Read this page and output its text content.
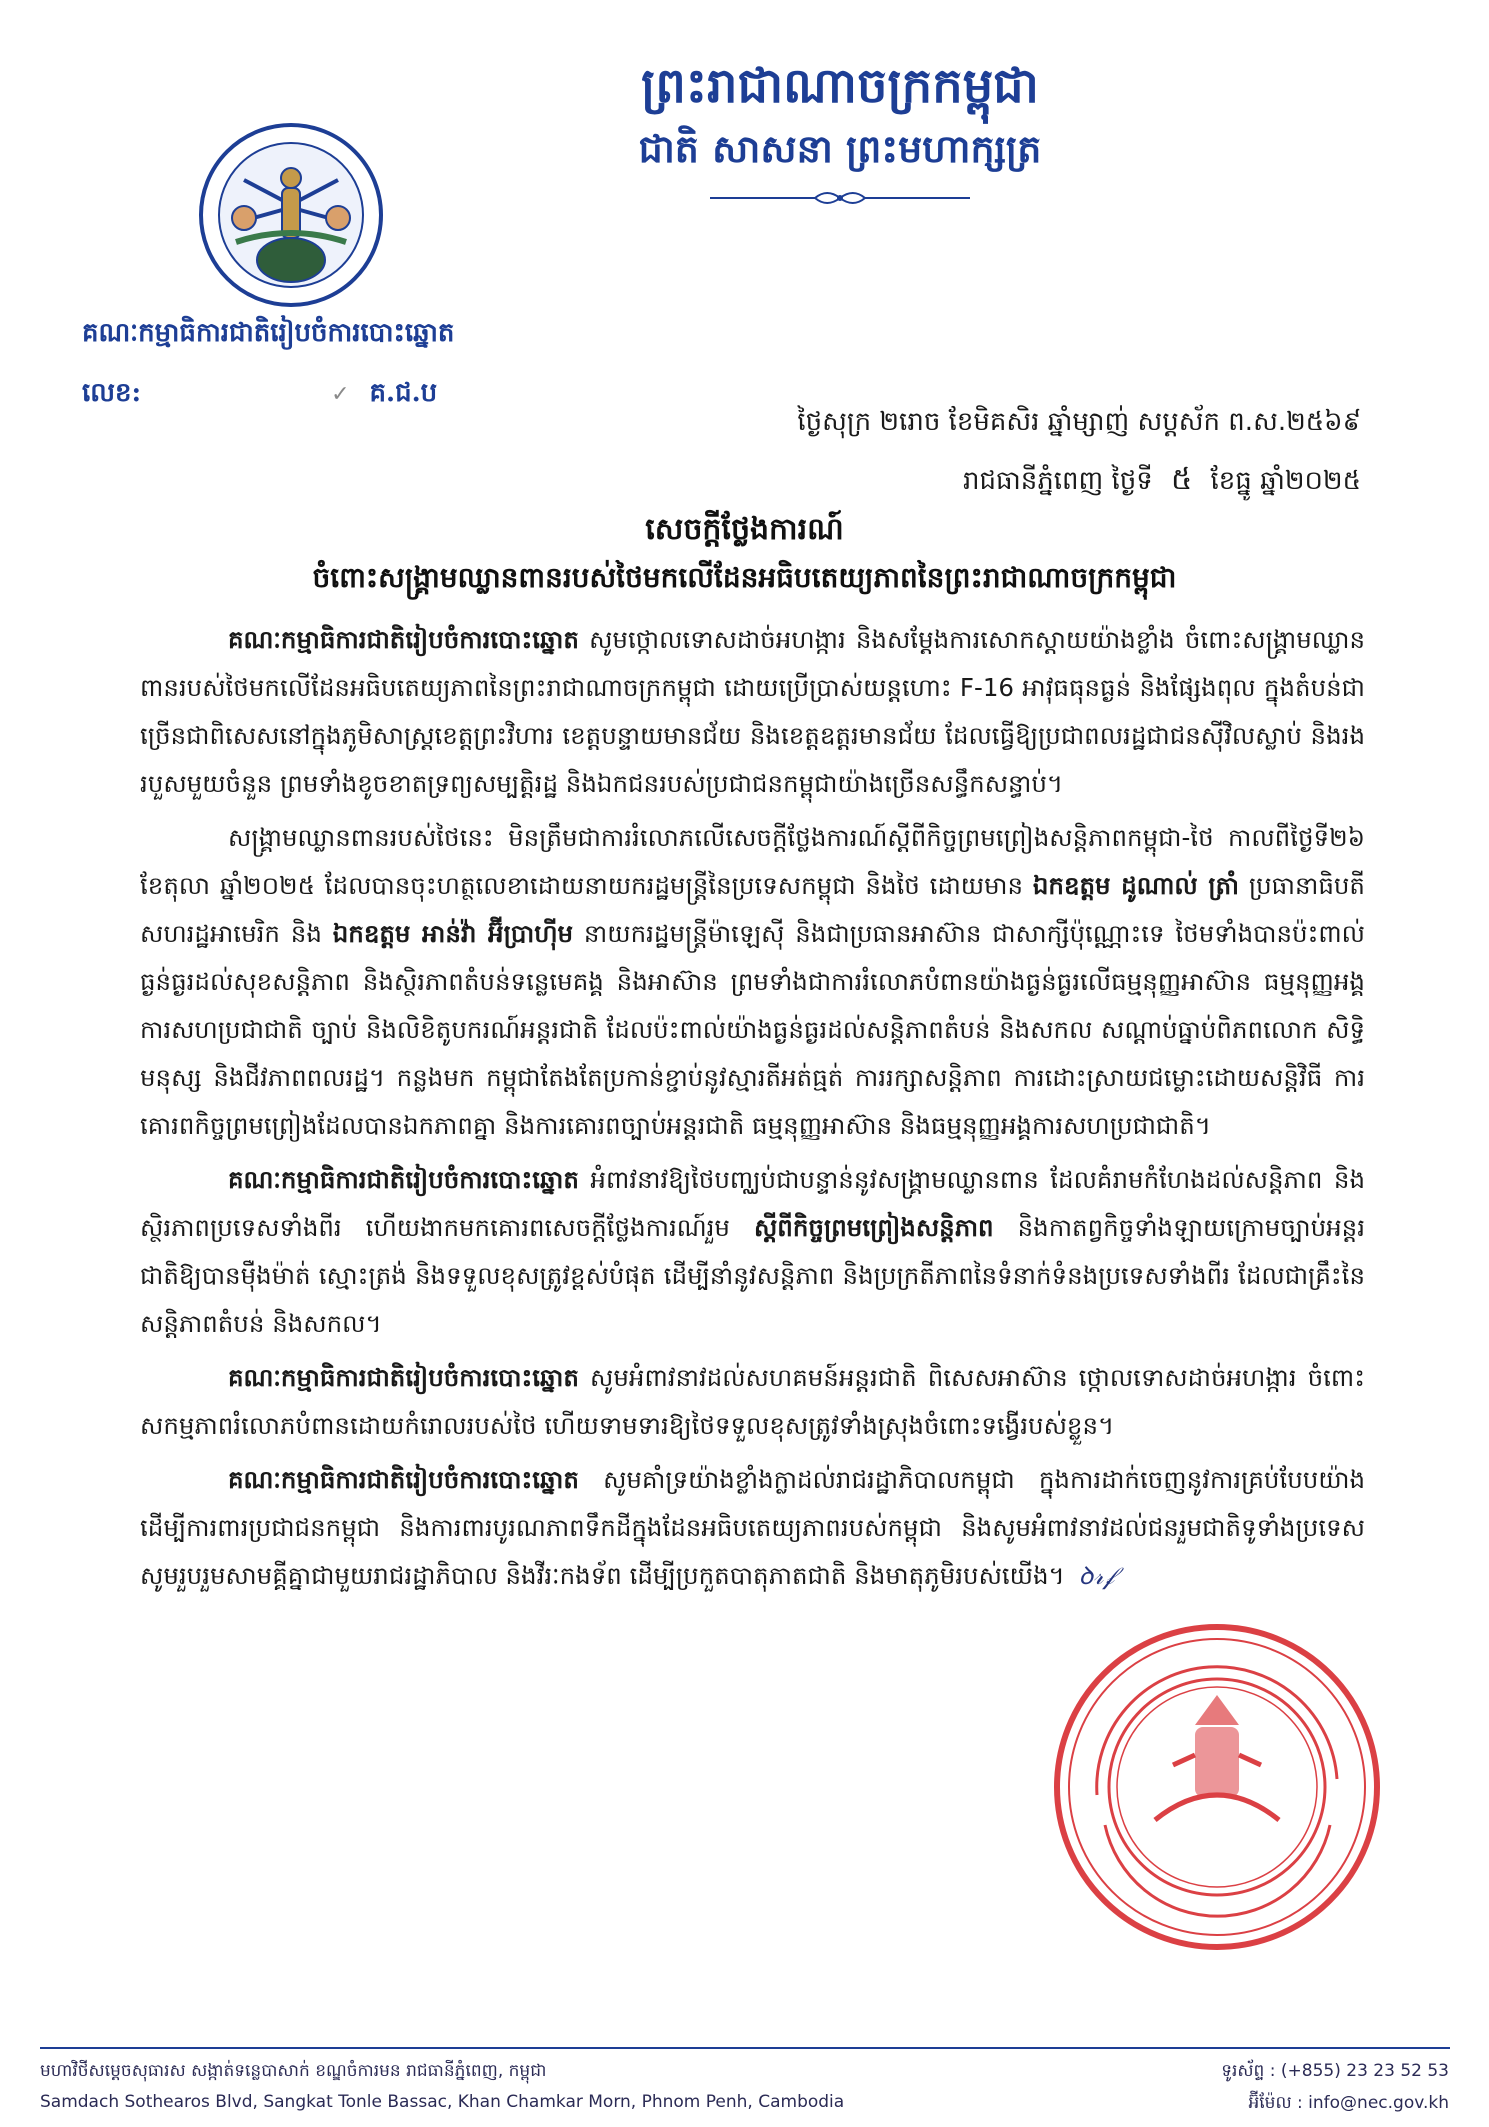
ព្រះរាជាណាចក្រកម្ពុជា
ជាតិ សាសនា ព្រះមហាក្សត្រ
គណៈកម្មាធិការជាតិរៀបចំការបោះឆ្នោត
លេខ:	✓ គ.ជ.ប
ថ្ងៃសុក្រ ២រោច ខែមិគសិរ ឆ្នាំម្សាញ់ សប្តស័ក ព.ស.២៥៦៩
រាជធានីភ្នំពេញ ថ្ងៃទី ៥ ខែធ្នូ ឆ្នាំ២០២៥
សេចក្តីថ្លែងការណ៍
ចំពោះសង្គ្រាមឈ្លានពានរបស់ថៃមកលើដែនអធិបតេយ្យភាពនៃព្រះរាជាណាចក្រកម្ពុជា

គណៈកម្មាធិការជាតិរៀបចំការបោះឆ្នោត សូមថ្កោលទោសដាច់អហង្ការ និងសម្តែងការសោកស្តាយយ៉ាងខ្លាំង ចំពោះសង្គ្រាមឈ្លានពានរបស់ថៃមកលើដែនអធិបតេយ្យភាពនៃព្រះរាជាណាចក្រកម្ពុជា ដោយប្រើប្រាស់យន្តហោះ F-16 អាវុធធុនធ្ងន់ និងផ្សែងពុល ក្នុងតំបន់ជាច្រើនជាពិសេសនៅក្នុងភូមិសាស្ត្រខេត្តព្រះវិហារ ខេត្តបន្ទាយមានជ័យ និងខេត្តឧត្តរមានជ័យ ដែលធ្វើឱ្យប្រជាពលរដ្ឋជាជនស៊ីវិលស្លាប់ និងរងរបួសមួយចំនួន ព្រមទាំងខូចខាតទ្រព្យសម្បត្តិរដ្ឋ និងឯកជនរបស់ប្រជាជនកម្ពុជាយ៉ាងច្រើនសន្ធឹកសន្ធាប់។

សង្គ្រាមឈ្លានពានរបស់ថៃនេះ មិនត្រឹមជាការរំលោភលើសេចក្តីថ្លែងការណ៍ស្តីពីកិច្ចព្រមព្រៀងសន្តិភាពកម្ពុជា-ថៃ កាលពីថ្ងៃទី២៦ ខែតុលា ឆ្នាំ២០២៥ ដែលបានចុះហត្ថលេខាដោយនាយករដ្ឋមន្ត្រីនៃប្រទេសកម្ពុជា និងថៃ ដោយមាន ឯកឧត្តម ដូណាល់ ត្រាំ ប្រធានាធិបតីសហរដ្ឋអាមេរិក និង ឯកឧត្តម អាន់វ៉ា អ៊ីប្រាហ៊ីម នាយករដ្ឋមន្ត្រីម៉ាឡេស៊ី និងជាប្រធានអាស៊ាន ជាសាក្សីប៉ុណ្ណោះទេ ថៃមទាំងបានប៉ះពាល់ធ្ងន់ធ្ងរដល់សុខសន្តិភាព និងស្ថិរភាពតំបន់ទន្លេមេគង្គ និងអាស៊ាន ព្រមទាំងជាការរំលោភបំពានយ៉ាងធ្ងន់ធ្ងរលើធម្មនុញ្ញអាស៊ាន ធម្មនុញ្ញអង្គការសហប្រជាជាតិ ច្បាប់ និងលិខិតូបករណ៍អន្តរជាតិ ដែលប៉ះពាល់យ៉ាងធ្ងន់ធ្ងរដល់សន្តិភាពតំបន់ និងសកល សណ្តាប់ធ្នាប់ពិភពលោក សិទ្ធិមនុស្ស និងជីវភាពពលរដ្ឋ។ កន្លងមក កម្ពុជាតែងតែប្រកាន់ខ្ជាប់នូវស្មារតីអត់ធ្មត់ ការរក្សាសន្តិភាព ការដោះស្រាយជម្លោះដោយសន្តិវិធី ការគោរពកិច្ចព្រមព្រៀងដែលបានឯកភាពគ្នា និងការគោរពច្បាប់អន្តរជាតិ ធម្មនុញ្ញអាស៊ាន និងធម្មនុញ្ញអង្គការសហប្រជាជាតិ។

គណៈកម្មាធិការជាតិរៀបចំការបោះឆ្នោត អំពាវនាវឱ្យថៃបញ្ឈប់ជាបន្ទាន់នូវសង្គ្រាមឈ្លានពាន ដែលគំរាមកំហែងដល់សន្តិភាព និងស្ថិរភាពប្រទេសទាំងពីរ ហើយងាកមកគោរពសេចក្តីថ្លែងការណ៍រួម ស្តីពីកិច្ចព្រមព្រៀងសន្តិភាព និងកាតព្វកិច្ចទាំងឡាយក្រោមច្បាប់អន្តរជាតិឱ្យបានម៉ឺងម៉ាត់ ស្មោះត្រង់ និងទទួលខុសត្រូវខ្ពស់បំផុត ដើម្បីនាំនូវសន្តិភាព និងប្រក្រតីភាពនៃទំនាក់ទំនងប្រទេសទាំងពីរ ដែលជាគ្រឹះនៃសន្តិភាពតំបន់ និងសកល។

គណៈកម្មាធិការជាតិរៀបចំការបោះឆ្នោត សូមអំពាវនាវដល់សហគមន៍អន្តរជាតិ ពិសេសអាស៊ាន ថ្កោលទោសដាច់អហង្ការ ចំពោះសកម្មភាពរំលោភបំពានដោយកំរោលរបស់ថៃ ហើយទាមទារឱ្យថៃទទួលខុសត្រូវទាំងស្រុងចំពោះទង្វើរបស់ខ្លួន។

គណៈកម្មាធិការជាតិរៀបចំការបោះឆ្នោត សូមគាំទ្រយ៉ាងខ្លាំងក្លាដល់រាជរដ្ឋាភិបាលកម្ពុជា ក្នុងការដាក់ចេញនូវការគ្រប់បែបយ៉ាង ដើម្បីការពារប្រជាជនកម្ពុជា និងការពារបូរណភាពទឹកដីក្នុងដែនអធិបតេយ្យភាពរបស់កម្ពុជា និងសូមអំពាវនាវដល់ជនរួមជាតិទូទាំងប្រទេស សូមរួបរួមសាមគ្គីគ្នាជាមួយរាជរដ្ឋាភិបាល និងវីរៈកងទ័ព ដើម្បីប្រកួតបាតុភាតជាតិ និងមាតុភូមិរបស់យើង។ ꝺ𝓇𝒻

មហាវិថីសម្តេចសុធារស សង្កាត់ទន្លេបាសាក់ ខណ្ឌចំការមន រាជធានីភ្នំពេញ, កម្ពុជា
Samdach Sothearos Blvd, Sangkat Tonle Bassac, Khan Chamkar Morn, Phnom Penh, Cambodia
ទូរស័ព្ទ : (+855) 23 23 52 53
អ៊ីម៉ែល : info@nec.gov.kh
